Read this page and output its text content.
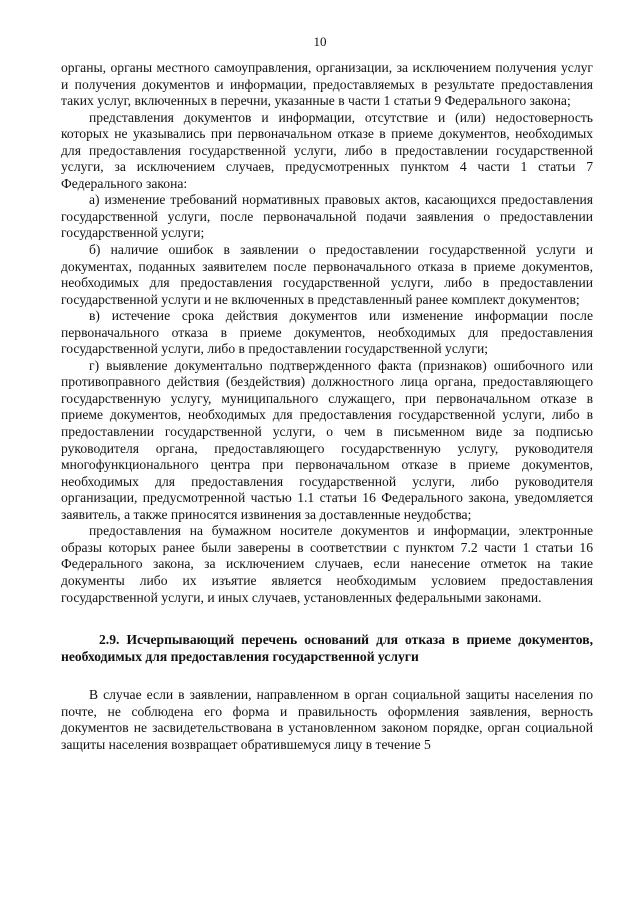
10

органы, органы местного самоуправления, организации, за исключением получения услуг и получения документов и информации, предоставляемых в результате предоставления таких услуг, включенных в перечни, указанные в части 1 статьи 9 Федерального закона;

представления документов и информации, отсутствие и (или) недостоверность которых не указывались при первоначальном отказе в приеме документов, необходимых для предоставления государственной услуги, либо в предоставлении государственной услуги, за исключением случаев, предусмотренных пунктом 4 части 1 статьи 7 Федерального закона:

а) изменение требований нормативных правовых актов, касающихся предоставления государственной услуги, после первоначальной подачи заявления о предоставлении государственной услуги;

б) наличие ошибок в заявлении о предоставлении государственной услуги и документах, поданных заявителем после первоначального отказа в приеме документов, необходимых для предоставления государственной услуги, либо в предоставлении государственной услуги и не включенных в представленный ранее комплект документов;

в) истечение срока действия документов или изменение информации после первоначального отказа в приеме документов, необходимых для предоставления государственной услуги, либо в предоставлении государственной услуги;

г) выявление документально подтвержденного факта (признаков) ошибочного или противоправного действия (бездействия) должностного лица органа, предоставляющего государственную услугу, муниципального служащего, при первоначальном отказе в приеме документов, необходимых для предоставления государственной услуги, либо в предоставлении государственной услуги, о чем в письменном виде за подписью руководителя органа, предоставляющего государственную услугу, руководителя многофункционального центра при первоначальном отказе в приеме документов, необходимых для предоставления государственной услуги, либо руководителя организации, предусмотренной частью 1.1 статьи 16 Федерального закона, уведомляется заявитель, а также приносятся извинения за доставленные неудобства;

предоставления на бумажном носителе документов и информации, электронные образы которых ранее были заверены в соответствии с пунктом 7.2 части 1 статьи 16 Федерального закона, за исключением случаев, если нанесение отметок на такие документы либо их изъятие является необходимым условием предоставления государственной услуги, и иных случаев, установленных федеральными законами.

2.9. Исчерпывающий перечень оснований для отказа в приеме документов, необходимых для предоставления государственной услуги

В случае если в заявлении, направленном в орган социальной защиты населения по почте, не соблюдена его форма и правильность оформления заявления, верность документов не засвидетельствована в установленном законом порядке, орган социальной защиты населения возвращает обратившемуся лицу в течение 5
